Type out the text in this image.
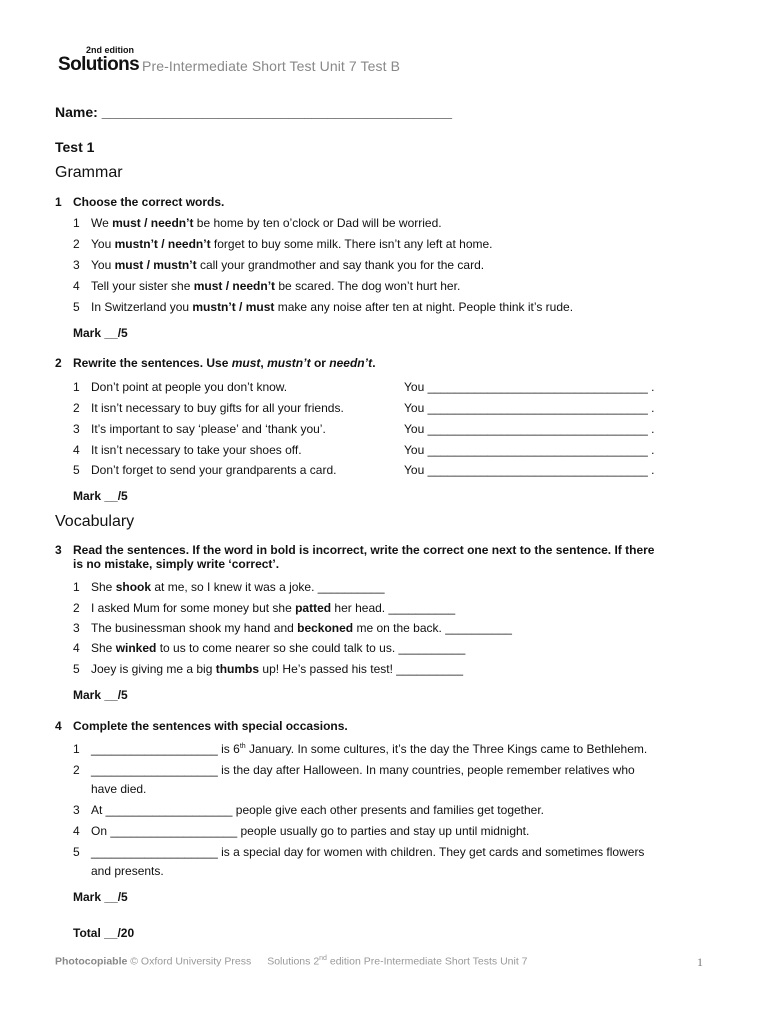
2nd edition
Solutions Pre-Intermediate Short Test Unit 7 Test B
Name: _____________________________________________
Test 1
Grammar
1 Choose the correct words.
1 We must / needn’t be home by ten o’clock or Dad will be worried.
2 You mustn’t / needn’t forget to buy some milk. There isn’t any left at home.
3 You must / mustn’t call your grandmother and say thank you for the card.
4 Tell your sister she must / needn’t be scared. The dog won’t hurt her.
5 In Switzerland you mustn’t / must make any noise after ten at night. People think it’s rude.
Mark __/5
2 Rewrite the sentences. Use must, mustn’t or needn’t.
1 Don’t point at people you don’t know.	You _________________________________ .
2 It isn’t necessary to buy gifts for all your friends.	You _________________________________ .
3 It’s important to say ‘please’ and ‘thank you’.	You _________________________________ .
4 It isn’t necessary to take your shoes off.	You _________________________________ .
5 Don’t forget to send your grandparents a card.	You _________________________________ .
Mark __/5
Vocabulary
3 Read the sentences. If the word in bold is incorrect, write the correct one next to the sentence. If there
is no mistake, simply write ‘correct’.
1 She shook at me, so I knew it was a joke. __________
2 I asked Mum for some money but she patted her head. __________
3 The businessman shook my hand and beckoned me on the back. __________
4 She winked to us to come nearer so she could talk to us. __________
5 Joey is giving me a big thumbs up! He’s passed his test! __________
Mark __/5
4 Complete the sentences with special occasions.
1 ___________________ is 6th January. In some cultures, it’s the day the Three Kings came to Bethlehem.
2 ___________________ is the day after Halloween. In many countries, people remember relatives who
have died.
3 At ___________________ people give each other presents and families get together.
4 On ___________________ people usually go to parties and stay up until midnight.
5 ___________________ is a special day for women with children. They get cards and sometimes flowers
and presents.
Mark __/5
Total __/20
Photocopiable © Oxford University Press Solutions 2nd edition Pre-Intermediate Short Tests Unit 7	1
